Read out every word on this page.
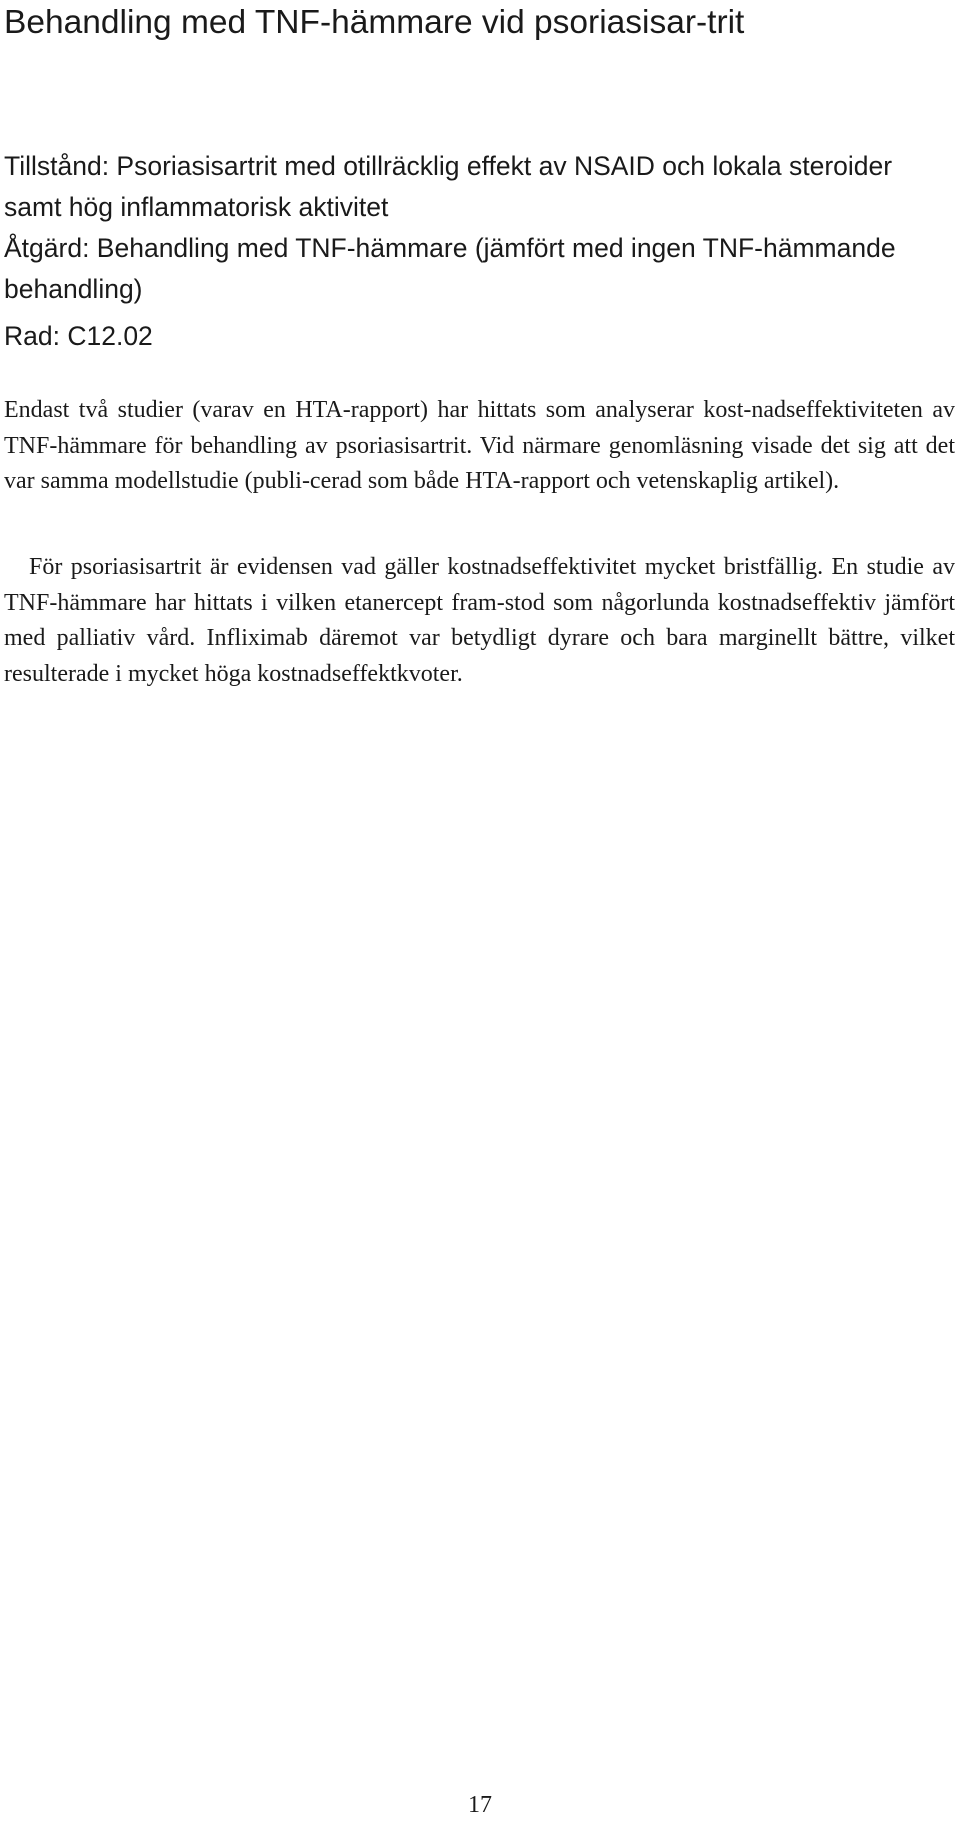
Behandling med TNF-hämmare vid psoriasisar-trit

Tillstånd: Psoriasisartrit med otillräcklig effekt av NSAID och lokala steroider samt hög inflammatorisk aktivitet

Åtgärd: Behandling med TNF-hämmare (jämfört med ingen TNF-hämmande behandling)

Rad: C12.02

Endast två studier (varav en HTA-rapport) har hittats som analyserar kost-nadseffektiviteten av TNF-hämmare för behandling av psoriasisartrit. Vid närmare genomläsning visade det sig att det var samma modellstudie (publi-cerad som både HTA-rapport och vetenskaplig artikel).

För psoriasisartrit är evidensen vad gäller kostnadseffektivitet mycket bristfällig. En studie av TNF-hämmare har hittats i vilken etanercept fram-stod som någorlunda kostnadseffektiv jämfört med palliativ vård. Infliximab däremot var betydligt dyrare och bara marginellt bättre, vilket resulterade i mycket höga kostnadseffektkvoter.

17
